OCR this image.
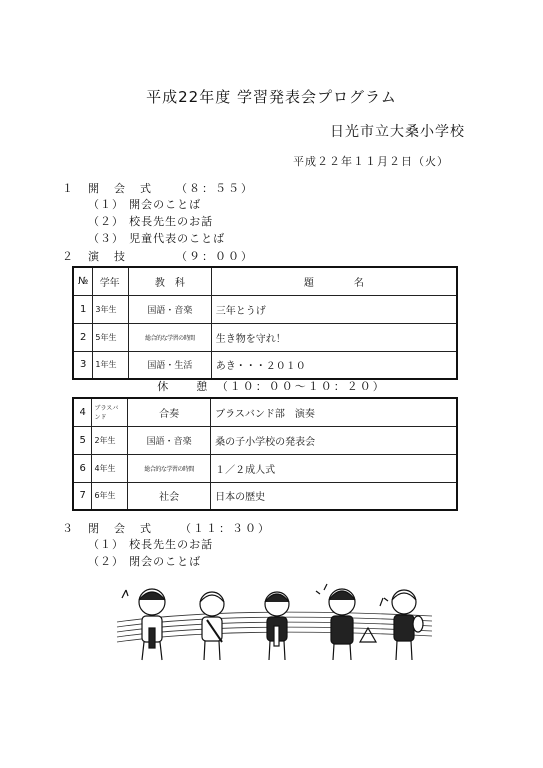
平成22年度 学習発表会プログラム
日光市立大桑小学校
平成２２年１１月２日（火）
１ 開　会　式 （８：５５）
（１） 開会のことば
（２） 校長先生のお話
（３） 児童代表のことば
２ 演　技	（９：００）
№	学年	教　科	題　　　　名
1	3年生	国語・音楽	三年とうげ
2	5年生	総合的な学習の時間	生き物を守れ！
3	1年生	国語・生活	あき・・・２０１０
休　　憩　（１０：００〜１０：２０）
4	ブラスバンド	合奏	ブラスバンド部　演奏
5	2年生	国語・音楽	桑の子小学校の発表会
6	4年生	総合的な学習の時間	１／２成人式
7	6年生	社会	日本の歴史
３ 閉　会　式 （１１：３０）
（１） 校長先生のお話
（２） 閉会のことば
